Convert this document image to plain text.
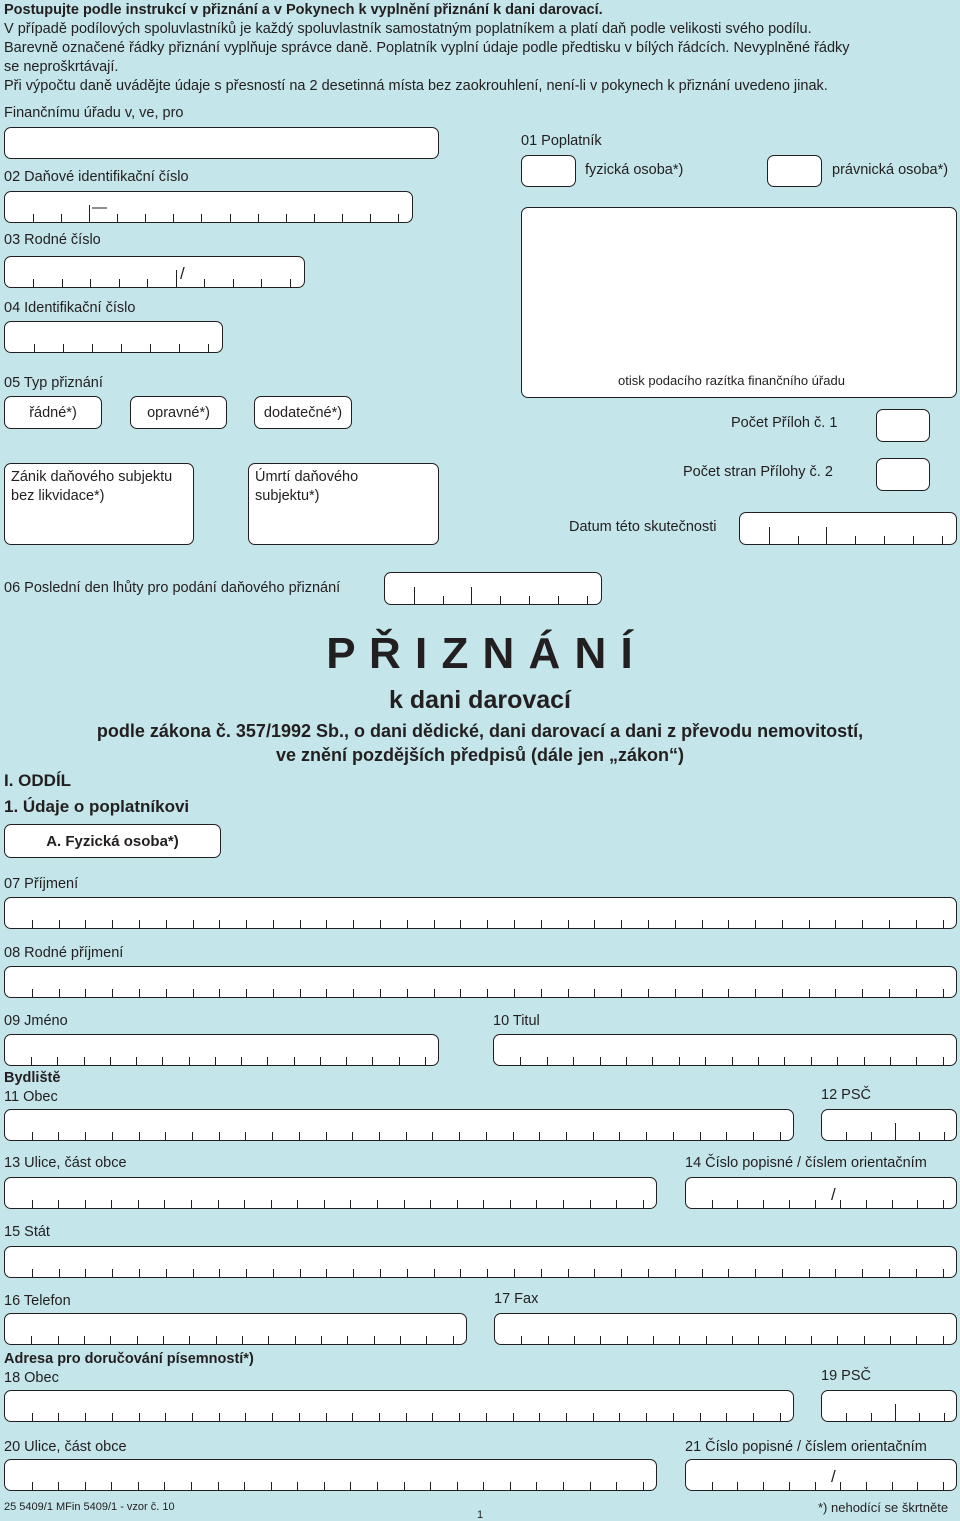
Postupujte podle instrukcí v přiznání a v Pokynech k vyplnění přiznání k dani darovací.
V případě podílových spoluvlastníků je každý spoluvlastník samostatným poplatníkem a platí daň podle velikosti svého podílu.
Barevně označené řádky přiznání vyplňuje správce daně. Poplatník vyplní údaje podle předtisku v bílých řádcích. Nevyplněné řádky
se neproškrtávají.
Při výpočtu daně uvádějte údaje s přesností na 2 desetinná místa bez zaokrouhlení, není-li v pokynech k přiznání uvedeno jinak.
Finančnímu úřadu v, ve, pro
01 Poplatník
fyzická osoba*)	právnická osoba*)
02 Daňové identifikační číslo
—
03 Rodné číslo
/
04 Identifikační číslo
otisk podacího razítka finančního úřadu
05 Typ přiznání
řádné*)	opravné*)	dodatečné*)
Počet Příloh č. 1
Počet stran Přílohy č. 2
Zánik daňového subjektu
bez likvidace*)
Úmrtí daňového
subjektu*)
Datum této skutečnosti
06 Poslední den lhůty pro podání daňového přiznání
P Ř I Z N Á N Í
k dani darovací
podle zákona č. 357/1992 Sb., o dani dědické, dani darovací a dani z převodu nemovitostí,
ve znění pozdějších předpisů (dále jen „zákon“)
I. ODDÍL
1. Údaje o poplatníkovi
A. Fyzická osoba*)
07 Příjmení
08 Rodné příjmení
09 Jméno	10 Titul
Bydliště
11 Obec	12 PSČ
13 Ulice, část obce	14 Číslo popisné / číslem orientačním
/
15 Stát
16 Telefon	17 Fax
Adresa pro doručování písemností*)
18 Obec	19 PSČ
20 Ulice, část obce	21 Číslo popisné / číslem orientačním
/
25 5409/1 MFin 5409/1 - vzor č. 10
1	*) nehodící se škrtněte
